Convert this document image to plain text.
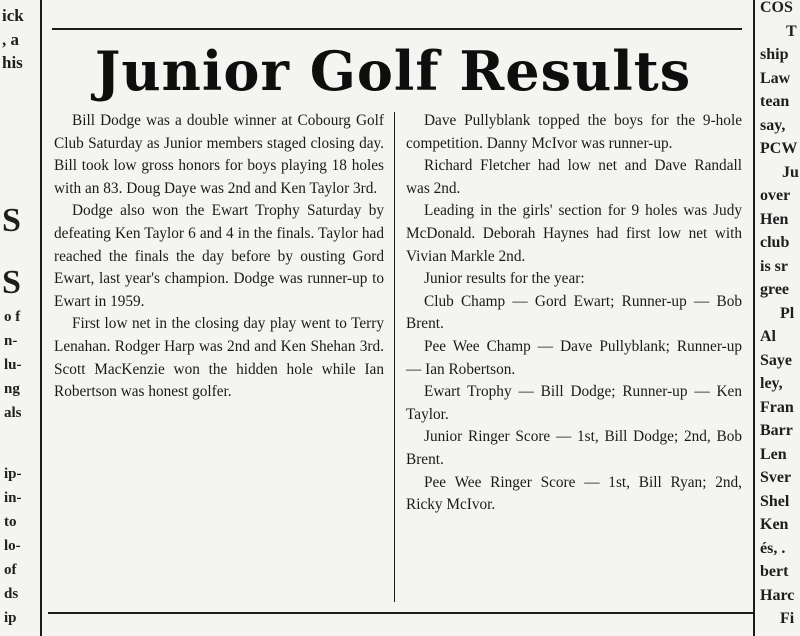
ick
, a
his
S
S
o f
n-
lu-
ng
als
ip-
in-
to
lo-
of
ds
ip
COS
T
ship
Law
tean
say,
PCW
Ju
over
Hen
club
is sr
gree
Pl
Al
Saye
ley,
Fran
Barr
Len
Sver
Shel
Ken
és, .
bert
Harc
Fi
Junior Golf Results

Bill Dodge was a double winner at Cobourg Golf Club Saturday as Junior members staged closing day. Bill took low gross honors for boys playing 18 holes with an 83. Doug Daye was 2nd and Ken Taylor 3rd.

Dodge also won the Ewart Trophy Saturday by defeating Ken Taylor 6 and 4 in the finals. Taylor had reached the finals the day before by ousting Gord Ewart, last year's champion. Dodge was runner-up to Ewart in 1959.

First low net in the closing day play went to Terry Lenahan. Rodger Harp was 2nd and Ken Shehan 3rd. Scott MacKenzie won the hidden hole while Ian Robertson was honest golfer.

Dave Pullyblank topped the boys for the 9-hole competition. Danny McIvor was runner-up.

Richard Fletcher had low net and Dave Randall was 2nd.

Leading in the girls' section for 9 holes was Judy McDonald. Deborah Haynes had first low net with Vivian Markle 2nd.

Junior results for the year:

Club Champ — Gord Ewart; Runner-up — Bob Brent.

Pee Wee Champ — Dave Pullyblank; Runner-up — Ian Robertson.

Ewart Trophy — Bill Dodge; Runner-up — Ken Taylor.

Junior Ringer Score — 1st, Bill Dodge; 2nd, Bob Brent.

Pee Wee Ringer Score — 1st, Bill Ryan; 2nd, Ricky McIvor.
